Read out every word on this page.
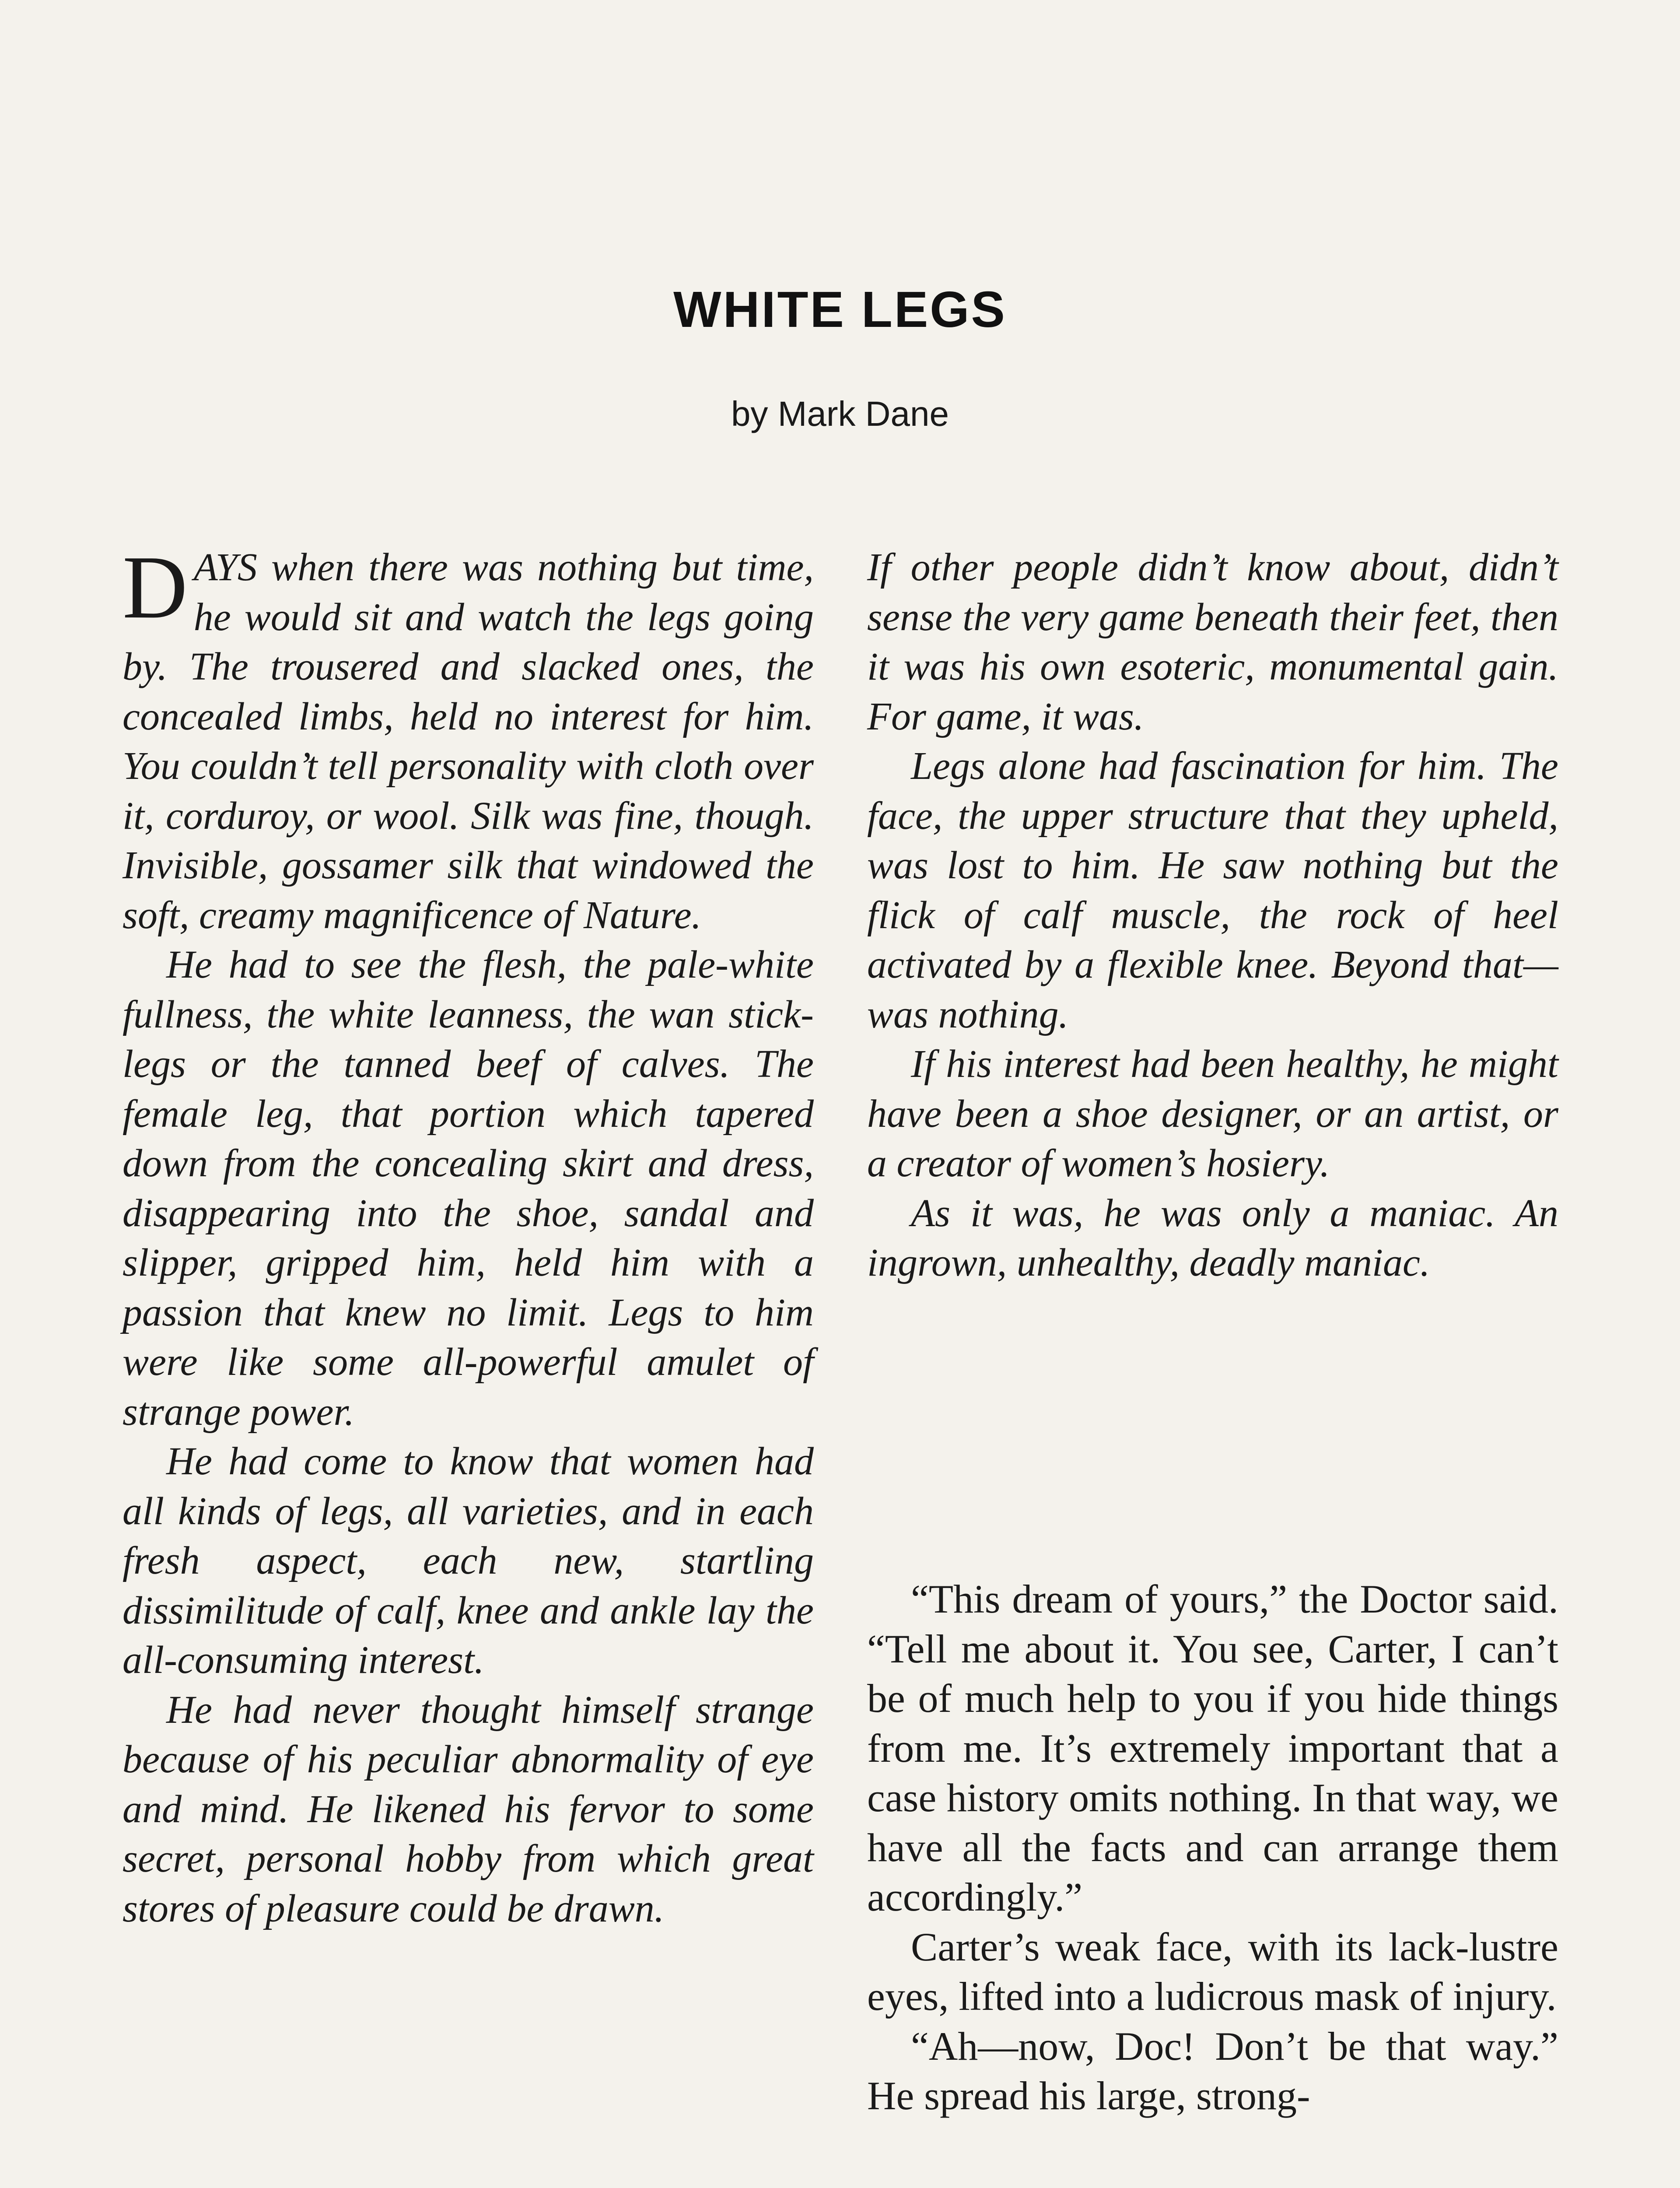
WHITE LEGS
by Mark Dane

DAYS when there was nothing but time, he would sit and watch the legs going by. The trousered and slacked ones, the concealed limbs, held no interest for him. You couldn’t tell personality with cloth over it, corduroy, or wool. Silk was fine, though. Invisible, gossamer silk that windowed the soft, creamy magnificence of Nature.

He had to see the flesh, the pale-white fullness, the white leanness, the wan stick-legs or the tanned beef of calves. The female leg, that portion which tapered down from the concealing skirt and dress, disappearing into the shoe, sandal and slipper, gripped him, held him with a passion that knew no limit. Legs to him were like some all-powerful amulet of strange power.

He had come to know that women had all kinds of legs, all varieties, and in each fresh aspect, each new, startling dissimilitude of calf, knee and ankle lay the all-consuming interest.

He had never thought himself strange because of his peculiar abnormality of eye and mind. He likened his fervor to some secret, personal hobby from which great stores of pleasure could be drawn.

If other people didn’t know about, didn’t sense the very game beneath their feet, then it was his own esoteric, monumental gain. For game, it was.

Legs alone had fascination for him. The face, the upper structure that they upheld, was lost to him. He saw nothing but the flick of calf muscle, the rock of heel activated by a flexible knee. Beyond that—was nothing.

If his interest had been healthy, he might have been a shoe designer, or an artist, or a creator of women’s hosiery.

As it was, he was only a maniac. An ingrown, unhealthy, deadly maniac.

“This dream of yours,” the Doctor said. “Tell me about it. You see, Carter, I can’t be of much help to you if you hide things from me. It’s extremely important that a case history omits nothing. In that way, we have all the facts and can arrange them accordingly.”

Carter’s weak face, with its lack-lustre eyes, lifted into a ludicrous mask of injury.

“Ah—now, Doc! Don’t be that way.” He spread his large, strong-
